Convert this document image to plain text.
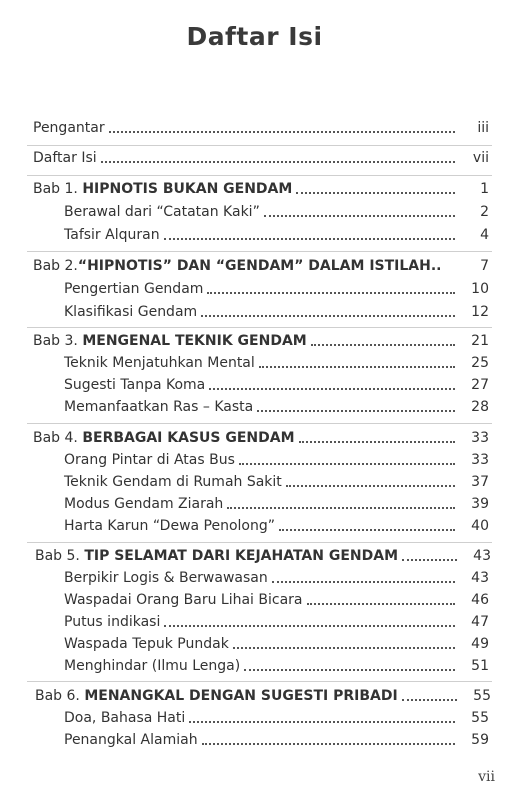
Daftar Isi
Pengantar	iii
Daftar Isi	vii
Bab 1. HIPNOTIS BUKAN GENDAM	1
Berawal dari “Catatan Kaki”	2
Tafsir Alquran	4
Bab 2.“HIPNOTIS” DAN “GENDAM” DALAM ISTILAH..	7
Pengertian Gendam	10
Klasifikasi Gendam	12
Bab 3. MENGENAL TEKNIK GENDAM	21
Teknik Menjatuhkan Mental	25
Sugesti Tanpa Koma	27
Memanfaatkan Ras – Kasta	28
Bab 4. BERBAGAI KASUS GENDAM	33
Orang Pintar di Atas Bus	33
Teknik Gendam di Rumah Sakit	37
Modus Gendam Ziarah	39
Harta Karun “Dewa Penolong”	40
Bab 5. TIP SELAMAT DARI KEJAHATAN GENDAM	43
Berpikir Logis & Berwawasan	43
Waspadai Orang Baru Lihai Bicara	46
Putus indikasi	47
Waspada Tepuk Pundak	49
Menghindar (Ilmu Lenga)	51
Bab 6. MENANGKAL DENGAN SUGESTI PRIBADI	55
Doa, Bahasa Hati	55
Penangkal Alamiah	59
vii
